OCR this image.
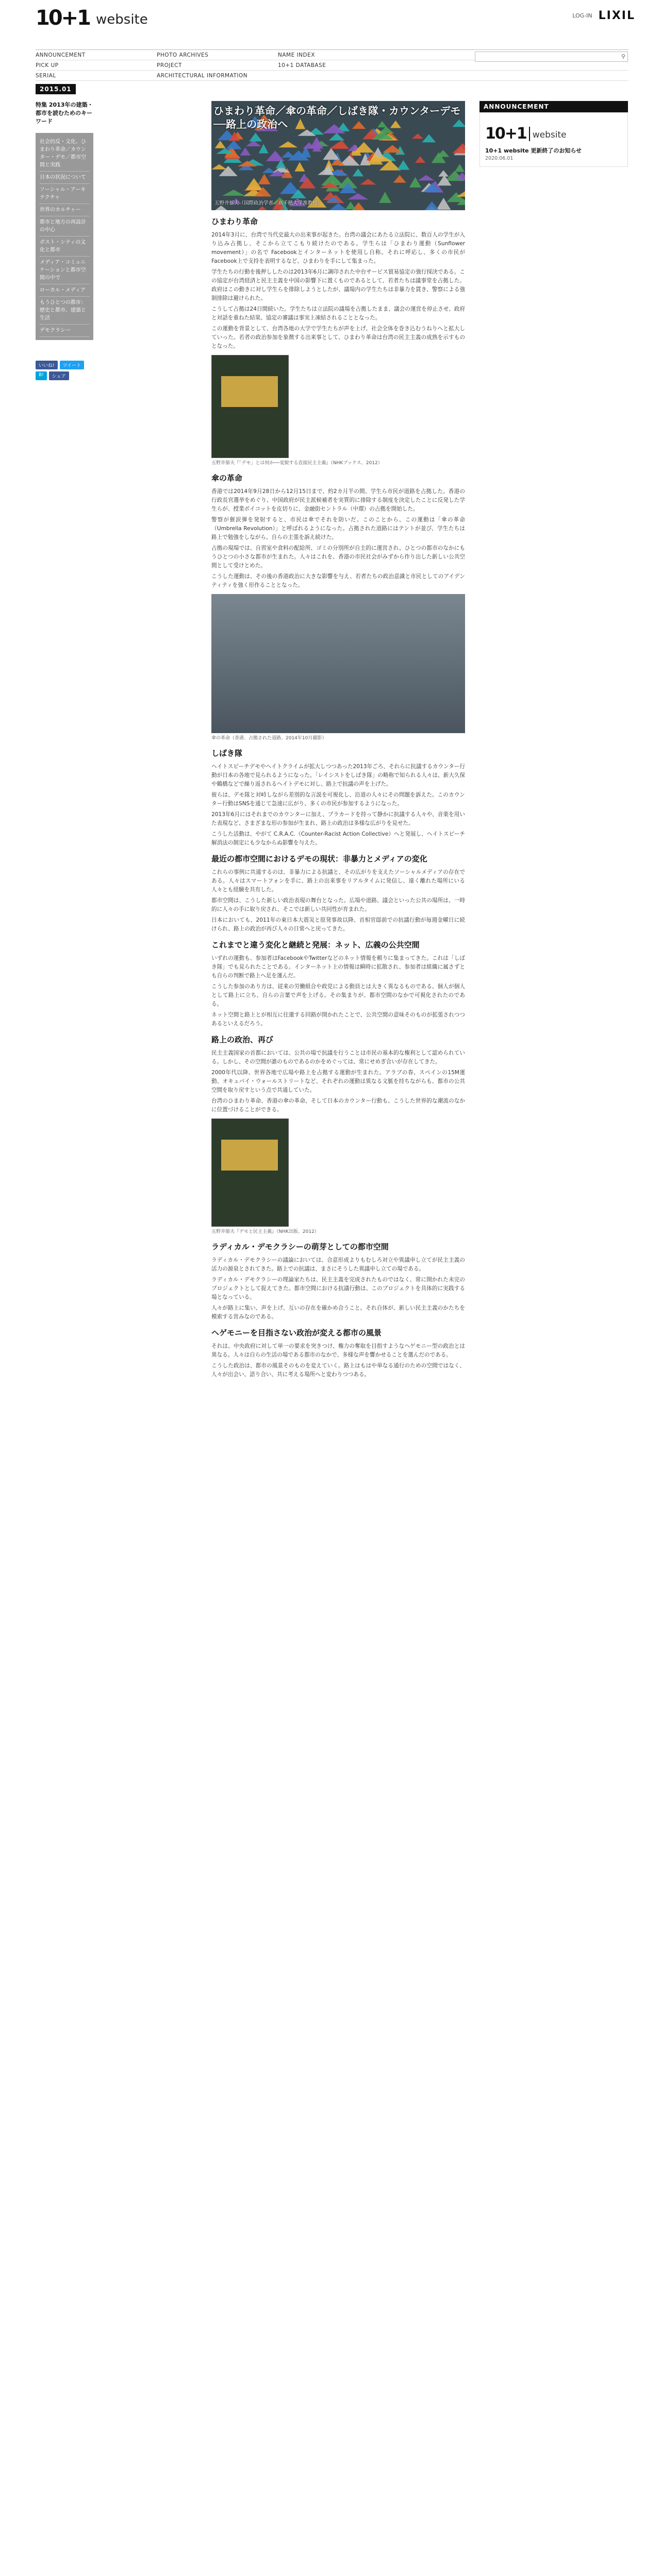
10+1 website	LOG-IN LIXIL
ANNOUNCEMENT	PHOTO ARCHIVES	NAME INDEX
PICK UP	PROJECT	10+1 DATABASE
SERIAL	ARCHITECTURAL INFORMATION
⚲
2015.01
特集 2013年の建築・都市を読むためのキーワード
社会的反・文化、ひまわり革命／カウンター・デモ／都市空間と実践
日本の状況について
ソーシャル・アーキテクチャ
世界のカルチャー
都市と地方の再設計の中心
ポスト・シティの文化と都市
メディア・コミュニケーションと都市空間の中で
ローカル・メディア
もうひとつの都市：歴史と都市、建築と生活
デモクラシー
いいね!	ツイート
B!	シェア
ひまわり革命／傘の革命／しばき隊・カウンターデモ──路上の政治へ
五野井郁夫（国際政治学者／高千穂大学准教授）
ひまわり革命

2014年3月に、台湾で当代史最大の出来事が起きた。台湾の議会にあたる立法院に、数百人の学生が入り込み占拠し、そこから立てこもり続けたのである。学生らは「ひまわり運動（Sunflower movement）」の名で Facebookとインターネットを使用し自称。それに呼応し、多くの市民が Facebook上で支持を表明するなど、ひまわりを手にして集まった。

学生たちの行動を後押ししたのは2013年6月に調印された中台サービス貿易協定の強行採決である。この協定が台湾経済と民主主義を中国の影響下に置くものであるとして、若者たちは議事堂を占拠した。政府はこの動きに対し学生らを排除しようとしたが、議場内の学生たちは非暴力を貫き、警察による強制排除は避けられた。

こうして占拠は24日間続いた。学生たちは立法院の議場を占拠したまま、議会の運営を停止させ、政府と対話を重ねた結果、協定の審議は事実上凍結されることとなった。

この運動を背景として、台湾各地の大学で学生たちが声を上げ、社会全体を巻き込むうねりへと拡大していった。若者の政治参加を象徴する出来事として、ひまわり革命は台湾の民主主義の成熟を示すものとなった。

五野井郁夫『「デモ」とは何か──変貌する直接民主主義』（NHKブックス、2012）
傘の革命

香港では2014年9月28日から12月15日まで、約2カ月半の間、学生ら市民が道路を占拠した。香港の行政長官選挙をめぐり、中国政府が民主派候補者を実質的に排除する制度を決定したことに反発した学生らが、授業ボイコットを皮切りに、金融街セントラル（中環）の占拠を開始した。

警察が催涙弾を発射すると、市民は傘でそれを防いだ。このことから、この運動は「傘の革命（Umbrella Revolution）」と呼ばれるようになった。占拠された道路にはテントが並び、学生たちは路上で勉強をしながら、自らの主張を訴え続けた。

占拠の現場では、自習室や食料の配給所、ゴミの分別所が自主的に運営され、ひとつの都市のなかにもうひとつの小さな都市が生まれた。人々はこれを、香港の市民社会がみずから作り出した新しい公共空間として受けとめた。

こうした運動は、その後の香港政治に大きな影響を与え、若者たちの政治意識と市民としてのアイデンティティを強く形作ることとなった。

傘の革命（香港、占拠された道路、2014年10月撮影）
しばき隊

ヘイトスピーチデモやヘイトクライムが拡大しつつあった2013年ごろ、それらに抗議するカウンター行動が日本の各地で見られるようになった。「レイシストをしばき隊」の略称で知られる人々は、新大久保や鶴橋などで繰り返されるヘイトデモに対し、路上で抗議の声を上げた。

彼らは、デモ隊と対峙しながら差別的な言説を可視化し、沿道の人々にその問題を訴えた。このカウンター行動はSNSを通じて急速に広がり、多くの市民が参加するようになった。

2013年6月にはそれまでのカウンターに加え、プラカードを持って静かに抗議する人々や、音楽を用いた表現など、さまざまな形の参加が生まれ、路上の政治は多様な広がりを見せた。

こうした活動は、やがて C.R.A.C.（Counter-Racist Action Collective）へと発展し、ヘイトスピーチ解消法の制定にも少なからぬ影響を与えた。

最近の都市空間におけるデモの現状：非暴力とメディアの変化

これらの事例に共通するのは、非暴力による抗議と、その広がりを支えたソーシャルメディアの存在である。人々はスマートフォンを手に、路上の出来事をリアルタイムに発信し、遠く離れた場所にいる人々とも経験を共有した。

都市空間は、こうした新しい政治表現の舞台となった。広場や道路、議会といった公共の場所は、一時的に人々の手に取り戻され、そこでは新しい共同性が育まれた。

日本においても、2011年の東日本大震災と原発事故以降、首相官邸前での抗議行動が毎週金曜日に続けられ、路上の政治が再び人々の日常へと戻ってきた。

これまでと違う変化と継続と発展：ネット、広義の公共空間

いずれの運動も、参加者はFacebookやTwitterなどのネット情報を頼りに集まってきた。これは「しばき隊」でも見られたことである。インターネット上の情報は瞬時に拡散され、参加者は組織に属さずとも自らの判断で路上へ足を運んだ。

こうした参加のあり方は、従来の労働組合や政党による動員とは大きく異なるものである。個人が個人として路上に立ち、自らの言葉で声を上げる。その集まりが、都市空間のなかで可視化されたのである。

ネット空間と路上とが相互に往還する回路が開かれたことで、公共空間の意味そのものが拡張されつつあるといえるだろう。

路上の政治、再び

民主主義国家の首都においては、公共の場で抗議を行うことは市民の基本的な権利として認められている。しかし、その空間が誰のものであるのかをめぐっては、常にせめぎ合いが存在してきた。

2000年代以降、世界各地で広場や路上を占拠する運動が生まれた。アラブの春、スペインの15M運動、オキュパイ・ウォールストリートなど、それぞれの運動は異なる文脈を持ちながらも、都市の公共空間を取り戻すという点で共通していた。

台湾のひまわり革命、香港の傘の革命、そして日本のカウンター行動も、こうした世界的な潮流のなかに位置づけることができる。

五野井郁夫『デモと民主主義』（NHK出版、2012）
ラディカル・デモクラシーの萌芽としての都市空間

ラディカル・デモクラシーの議論においては、合意形成よりもむしろ対立や異議申し立てが民主主義の活力の源泉とされてきた。路上での抗議は、まさにそうした異議申し立ての場である。

ラディカル・デモクラシーの理論家たちは、民主主義を完成されたものではなく、常に開かれた未完のプロジェクトとして捉えてきた。都市空間における抗議行動は、このプロジェクトを具体的に実践する場となっている。

人々が路上に集い、声を上げ、互いの存在を確かめ合うこと。それ自体が、新しい民主主義のかたちを模索する営みなのである。

ヘゲモニーを目指さない政治が変える都市の風景

それは、中央政府に対して単一の要求を突きつけ、権力の奪取を目指すようなヘゲモニー型の政治とは異なる。人々は自らの生活の場である都市のなかで、多様な声を響かせることを選んだのである。

こうした政治は、都市の風景そのものを変えていく。路上はもはや単なる通行のための空間ではなく、人々が出会い、語り合い、共に考える場所へと変わりつつある。

ANNOUNCEMENT
10+1 website
10+1 website 更新終了のお知らせ
2020.06.01
